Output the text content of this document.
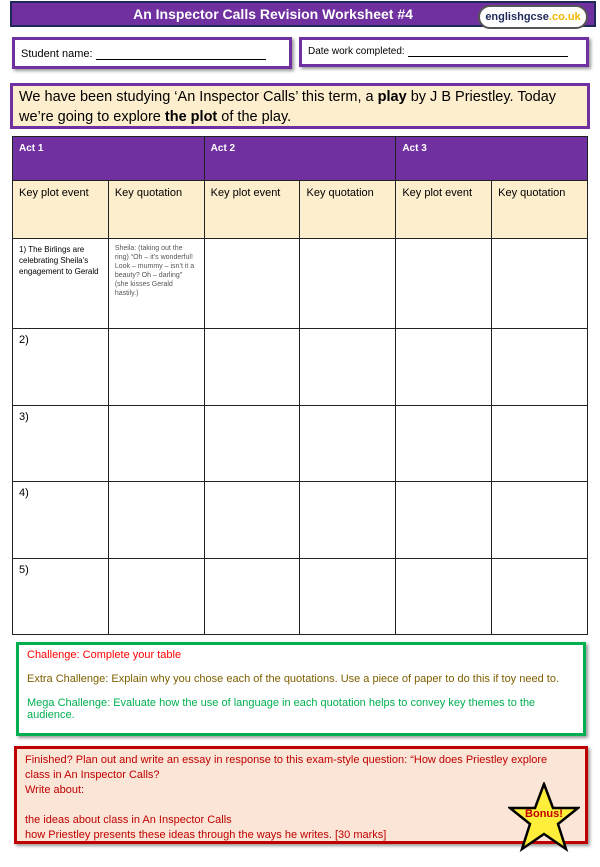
An Inspector Calls Revision Worksheet #4	englishgcse.co.uk
Student name:	Date work completed:
We have been studying ‘An Inspector Calls’ this term, a play by J B Priestley. Today we’re going to explore the plot of the play.
Act 1		Act 2		Act 3	
Key plot event	Key quotation	Key plot event	Key quotation	Key plot event	Key quotation
1) The Birlings are celebrating Sheila’s engagement to Gerald	Sheila: (taking out the ring) “Oh – it’s wonderful! Look – mummy – isn’t it a beauty? Oh – darling” (she kisses Gerald hastily.)				
2)					
3)					
4)					
5)					

Challenge: Complete your table

Extra Challenge: Explain why you chose each of the quotations. Use a piece of paper to do this if toy need to.

Mega Challenge: Evaluate how the use of language in each quotation helps to convey key themes to the audience.

Finished? Plan out and write an essay in response to this exam-style question: “How does Priestley explore class in An Inspector Calls?
Write about:
the ideas about class in An Inspector Calls
how Priestley presents these ideas through the ways he writes. [30 marks]
Bonus!
